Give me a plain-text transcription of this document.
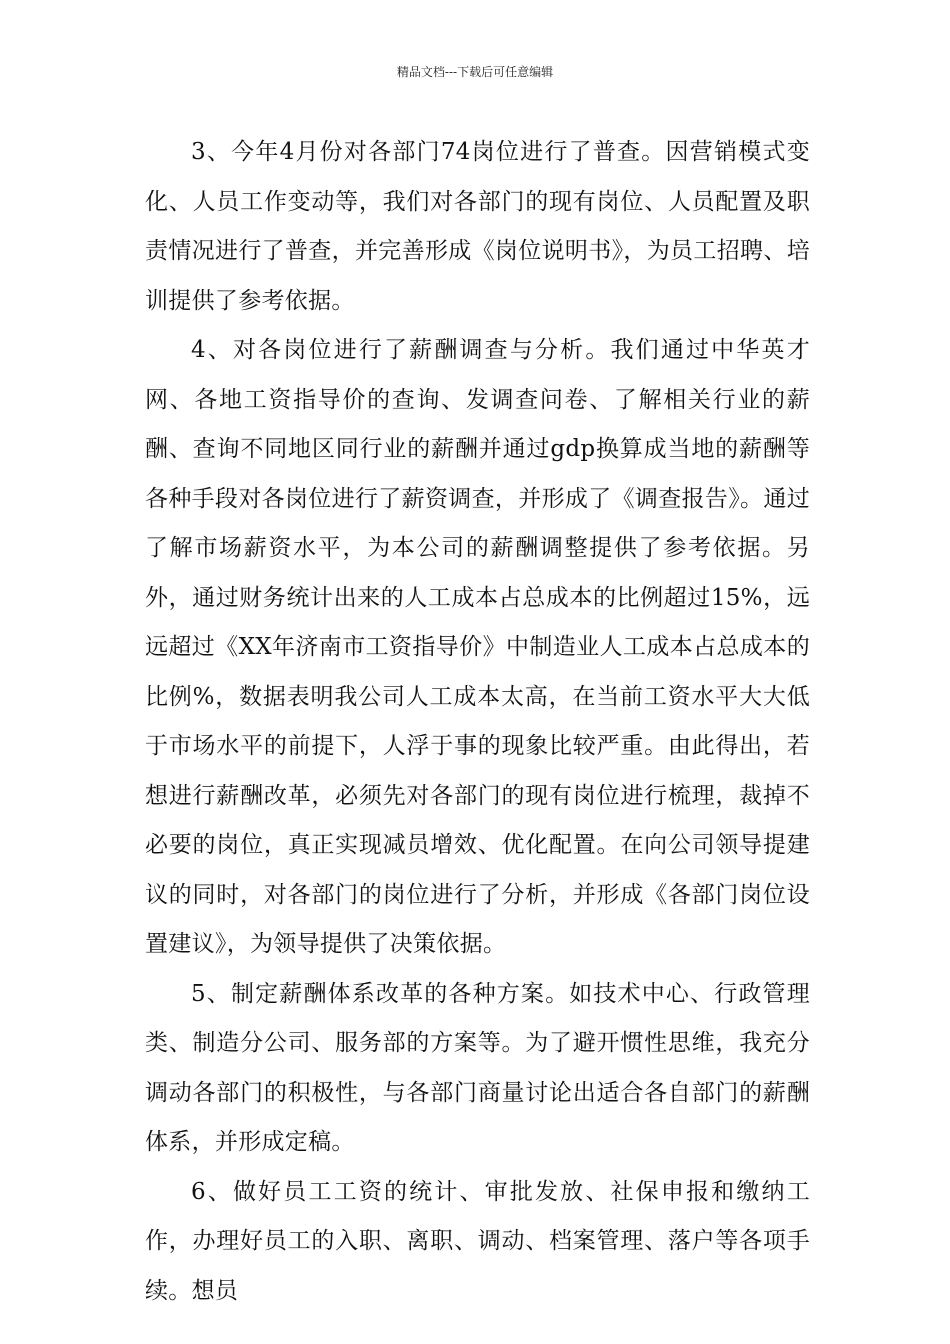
精品文档---下载后可任意编辑

3、今年4月份对各部门74岗位进行了普查。因营销模式变化、人员工作变动等，我们对各部门的现有岗位、人员配置及职责情况进行了普查，并完善形成《岗位说明书》，为员工招聘、培训提供了参考依据。

4、对各岗位进行了薪酬调查与分析。我们通过中华英才网、各地工资指导价的查询、发调查问卷、了解相关行业的薪酬、查询不同地区同行业的薪酬并通过gdp换算成当地的薪酬等各种手段对各岗位进行了薪资调查，并形成了《调查报告》。通过了解市场薪资水平，为本公司的薪酬调整提供了参考依据。另外，通过财务统计出来的人工成本占总成本的比例超过15%，远远超过《XX年济南市工资指导价》中制造业人工成本占总成本的比例%，数据表明我公司人工成本太高，在当前工资水平大大低于市场水平的前提下，人浮于事的现象比较严重。由此得出，若想进行薪酬改革，必须先对各部门的现有岗位进行梳理，裁掉不必要的岗位，真正实现减员增效、优化配置。在向公司领导提建议的同时，对各部门的岗位进行了分析，并形成《各部门岗位设置建议》，为领导提供了决策依据。

5、制定薪酬体系改革的各种方案。如技术中心、行政管理类、制造分公司、服务部的方案等。为了避开惯性思维，我充分调动各部门的积极性，与各部门商量讨论出适合各自部门的薪酬体系，并形成定稿。

6、做好员工工资的统计、审批发放、社保申报和缴纳工作，办理好员工的入职、离职、调动、档案管理、落户等各项手续。想员
